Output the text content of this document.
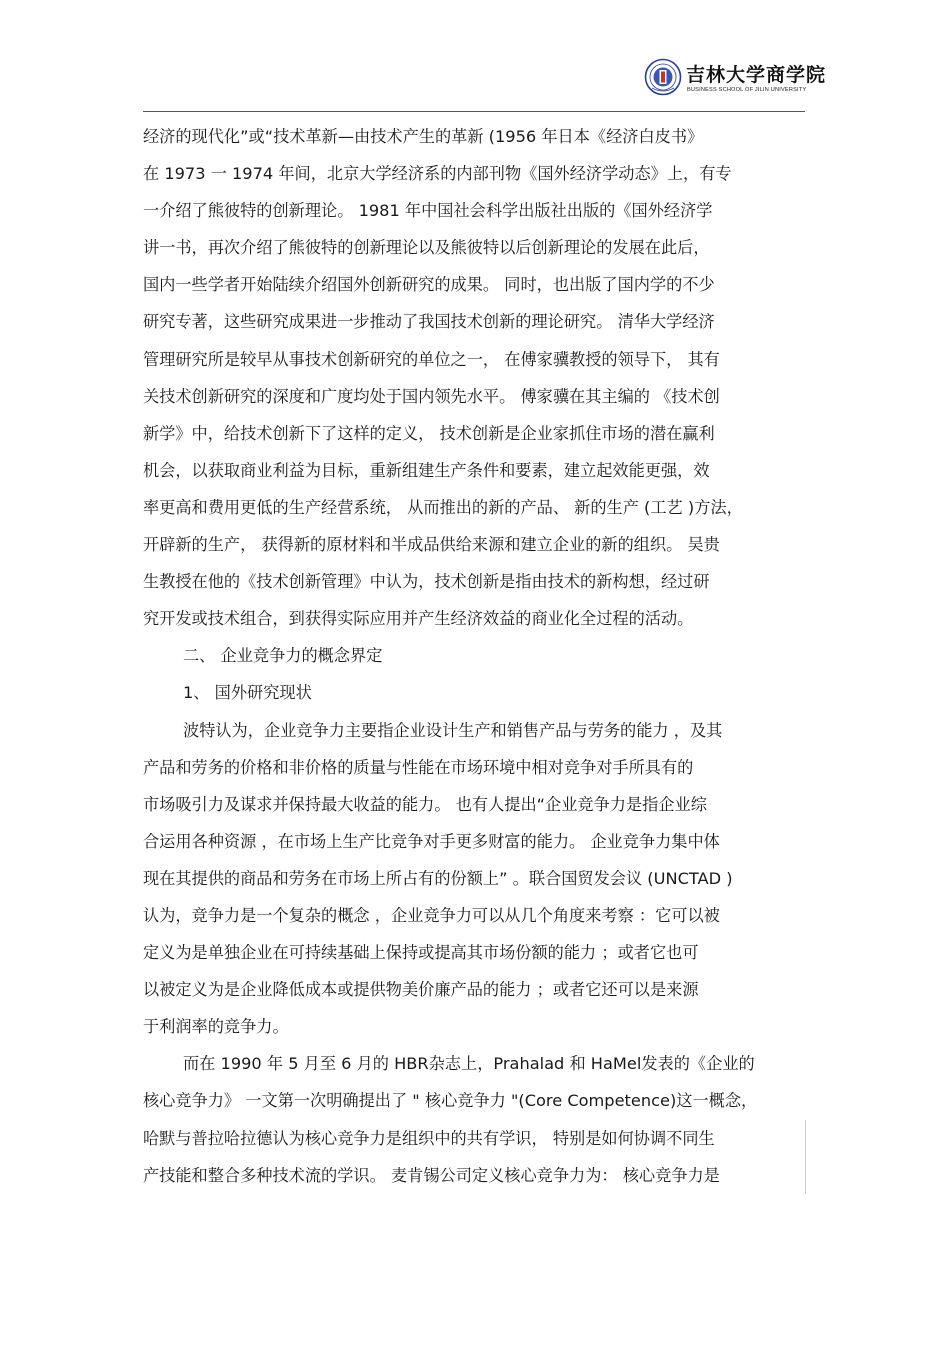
吉林大学商学院
BUSINESS SCHOOL OF JILIN UNIVERSITY
经济的现代化”或“技术革新—由技术产生的革新 (1956 年日本《经济白皮书》
在 1973 一 1974 年间，北京大学经济系的内部刊物《国外经济学动态》上，有专
一介绍了熊彼特的创新理论。 1981 年中国社会科学出版社出版的《国外经济学
讲一书，再次介绍了熊彼特的创新理论以及熊彼特以后创新理论的发展在此后，
国内一些学者开始陆续介绍国外创新研究的成果。 同时，也出版了国内学的不少
研究专著，这些研究成果进一步推动了我国技术创新的理论研究。 清华大学经济
管理研究所是较早从事技术创新研究的单位之一， 在傅家骥教授的领导下， 其有
关技术创新研究的深度和广度均处于国内领先水平。 傅家骥在其主编的 《技术创
新学》中，给技术创新下了这样的定义， 技术创新是企业家抓住市场的潜在赢利
机会，以获取商业利益为目标，重新组建生产条件和要素，建立起效能更强，效
率更高和费用更低的生产经营系统， 从而推出的新的产品、 新的生产 (工艺 )方法，
开辟新的生产， 获得新的原材料和半成品供给来源和建立企业的新的组织。 吴贵
生教授在他的《技术创新管理》中认为，技术创新是指由技术的新构想，经过研
究开发或技术组合，到获得实际应用并产生经济效益的商业化全过程的活动。
二、 企业竞争力的概念界定
1、 国外研究现状
波特认为，企业竞争力主要指企业设计生产和销售产品与劳务的能力 ，及其
产品和劳务的价格和非价格的质量与性能在市场环境中相对竞争对手所具有的
市场吸引力及谋求并保持最大收益的能力。 也有人提出“企业竞争力是指企业综
合运用各种资源 ，在市场上生产比竞争对手更多财富的能力。 企业竞争力集中体
现在其提供的商品和劳务在市场上所占有的份额上” 。联合国贸发会议 (UNCTAD )
认为，竞争力是一个复杂的概念 ，企业竞争力可以从几个角度来考察 ：它可以被
定义为是单独企业在可持续基础上保持或提高其市场份额的能力 ；或者它也可
以被定义为是企业降低成本或提供物美价廉产品的能力 ；或者它还可以是来源
于利润率的竞争力。
而在 1990 年 5 月至 6 月的 HBR杂志上，Prahalad 和 HaMel发表的《企业的
核心竞争力》 一文第一次明确提出了 " 核心竞争力 "(Core Competence)这一概念，
哈默与普拉哈拉德认为核心竞争力是组织中的共有学识， 特别是如何协调不同生
产技能和整合多种技术流的学识。 麦肯锡公司定义核心竞争力为： 核心竞争力是
